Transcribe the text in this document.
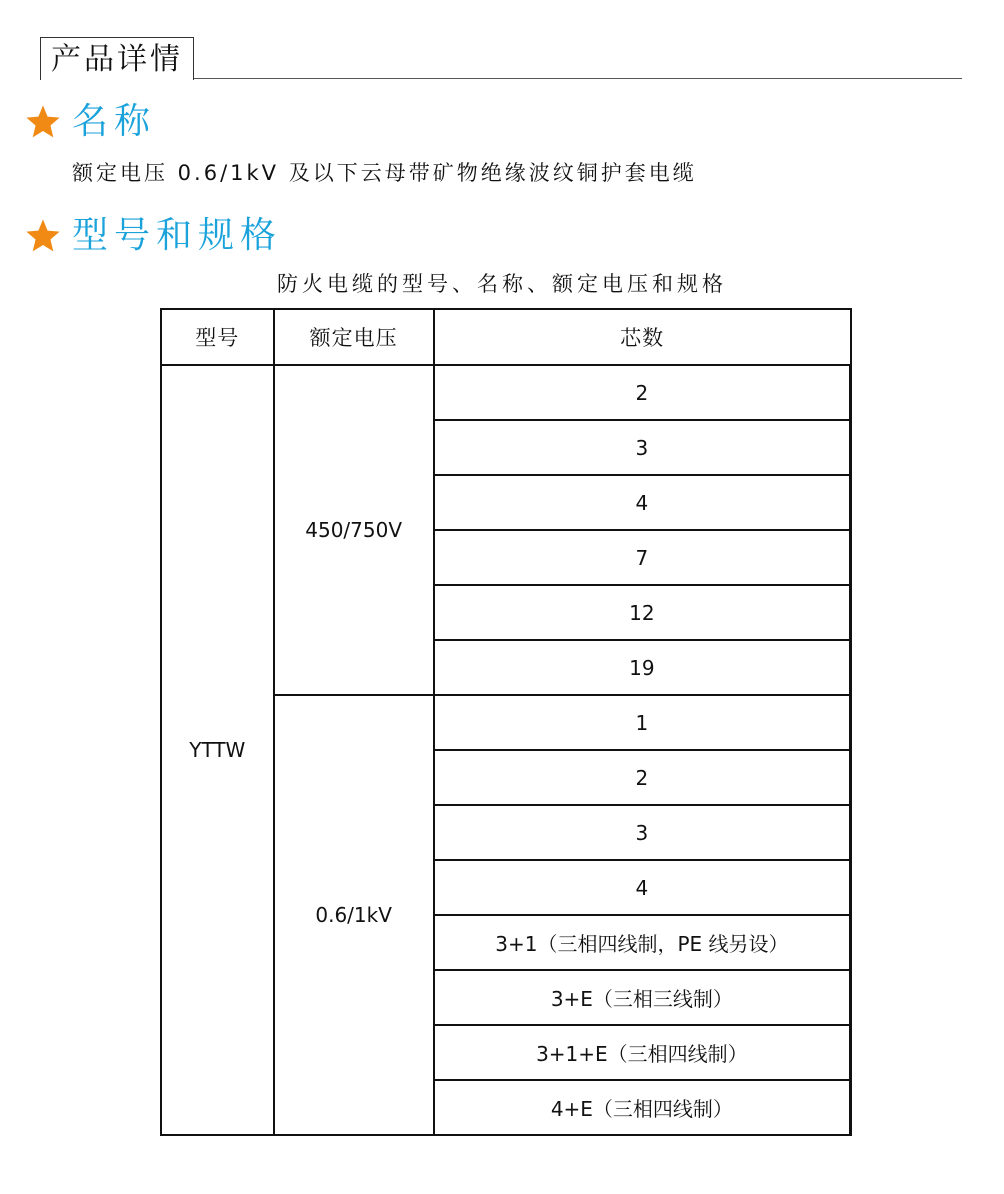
产品详情
名称
额定电压 0.6/1kV 及以下云母带矿物绝缘波纹铜护套电缆
型号和规格
防火电缆的型号、名称、额定电压和规格
型号	额定电压	芯数
YTTW	450/750V	2
		3
		4
		7
		12
		19
	0.6/1kV	1
		2
		3
		4
		3+1（三相四线制，PE 线另设）
		3+E（三相三线制）
		3+1+E（三相四线制）
		4+E（三相四线制）
